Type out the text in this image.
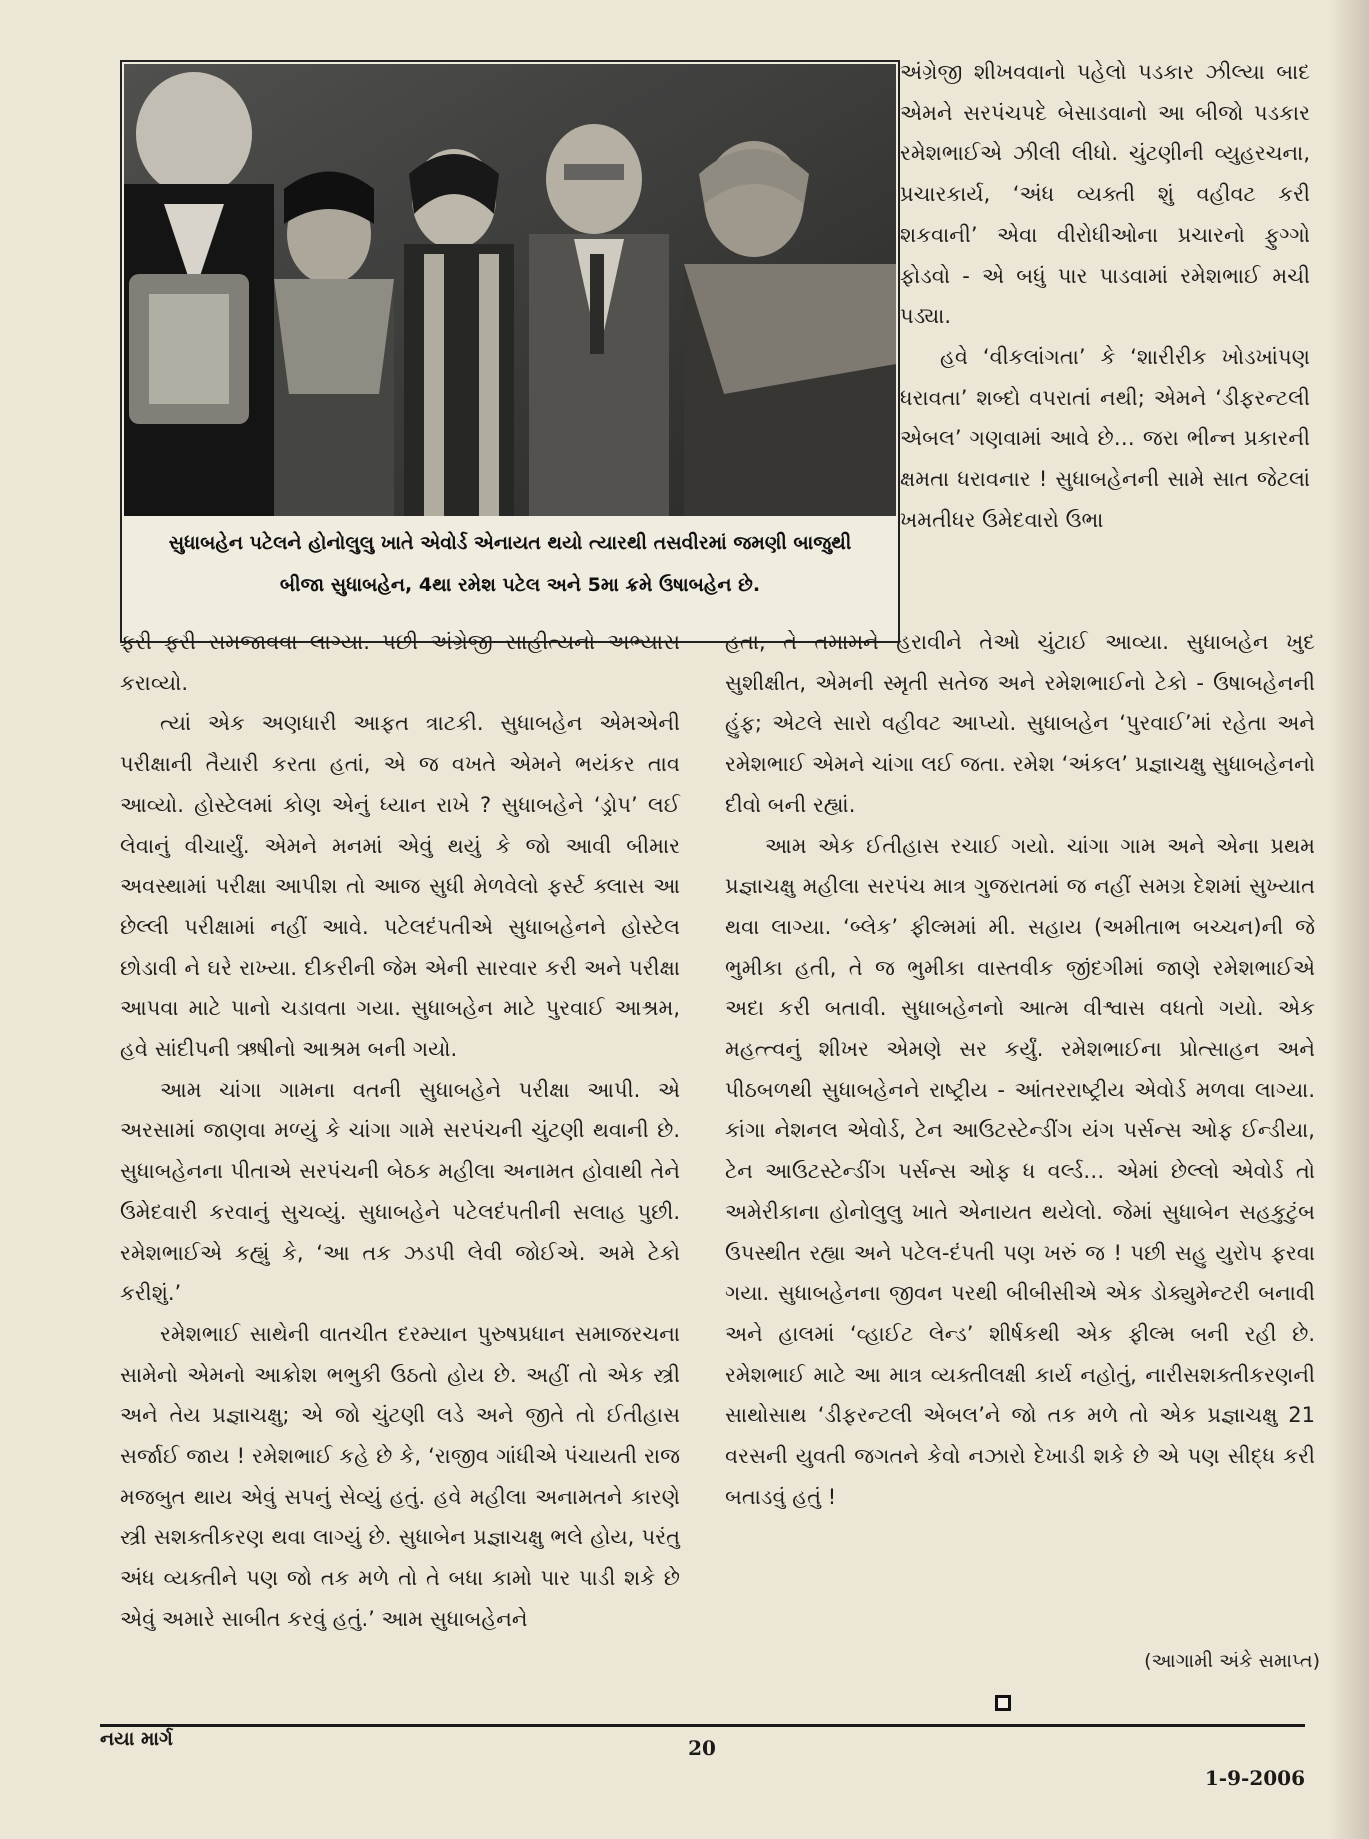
સુધાબહેન પટેલને હોનોલુલુ ખાતે એવોર્ડ એનાયત થયો ત્યારથી તસવીરમાં જમણી બાજુથી
બીજા સુધાબહેન, 4થા રમેશ પટેલ અને 5મા ક્રમે ઉષાબહેન છે.

અંગ્રેજી શીખવવાનો પહેલો પડકાર ઝીલ્યા બાદ એમને સરપંચપદે બેસાડવાનો આ બીજો પડકાર રમેશભાઈએ ઝીલી લીધો. ચુંટણીની વ્યુહરચના, પ્રચારકાર્ય, ‘અંધ વ્યક્તી શું વહીવટ કરી શકવાની’ એવા વીરોધીઓના પ્રચારનો ફુગ્ગો ફોડવો - એ બધું પાર પાડવામાં રમેશભાઈ મચી પડ્યા.

હવે ‘વીકલાંગતા’ કે ‘શારીરીક ખોડખાંપણ ધરાવતા’ શબ્દો વપરાતાં નથી; એમને ‘ડીફરન્ટલી એબલ’ ગણવામાં આવે છે… જરા ભીન્ન પ્રકારની ક્ષમતા ધરાવનાર ! સુધાબહેનની સામે સાત જેટલાં ખમતીધર ઉમેદવારો ઉભા

ફરી ફરી સમજાવવા લાગ્યા. પછી અંગ્રેજી સાહીત્યનો અભ્યાસ કરાવ્યો.

ત્યાં એક અણધારી આફત ત્રાટકી. સુધાબહેન એમએની પરીક્ષાની તૈયારી કરતા હતાં, એ જ વખતે એમને ભયંકર તાવ આવ્યો. હોસ્ટેલમાં કોણ એનું ધ્યાન રાખે ? સુધાબહેને ‘ડ્રોપ’ લઈ લેવાનું વીચાર્યું. એમને મનમાં એવું થયું કે જો આવી બીમાર અવસ્થામાં પરીક્ષા આપીશ તો આજ સુધી મેળવેલો ફર્સ્ટ ક્લાસ આ છેલ્લી પરીક્ષામાં નહીં આવે. પટેલદંપતીએ સુધાબહેનને હોસ્ટેલ છોડાવી ને ઘરે રાખ્યા. દીકરીની જેમ એની સારવાર કરી અને પરીક્ષા આપવા માટે પાનો ચડાવતા ગયા. સુધાબહેન માટે પુરવાઈ આશ્રમ, હવે સાંદીપની ઋષીનો આશ્રમ બની ગયો.

આમ ચાંગા ગામના વતની સુધાબહેને પરીક્ષા આપી. એ અરસામાં જાણવા મળ્યું કે ચાંગા ગામે સરપંચની ચુંટણી થવાની છે. સુધાબહેનના પીતાએ સરપંચની બેઠક મહીલા અનામત હોવાથી તેને ઉમેદવારી કરવાનું સુચવ્યું. સુધાબહેને પટેલદંપતીની સલાહ પુછી. રમેશભાઈએ કહ્યું કે, ‘આ તક ઝડપી લેવી જોઈએ. અમે ટેકો કરીશું.’

રમેશભાઈ સાથેની વાતચીત દરમ્યાન પુરુષપ્રધાન સમાજરચના સામેનો એમનો આક્રોશ ભભુકી ઉઠતો હોય છે. અહીં તો એક સ્ત્રી અને તેય પ્રજ્ઞાચક્ષુ; એ જો ચુંટણી લડે અને જીતે તો ઈતીહાસ સર્જાઈ જાય ! રમેશભાઈ કહે છે કે, ‘રાજીવ ગાંધીએ પંચાયતી રાજ મજબુત થાય એવું સપનું સેવ્યું હતું. હવે મહીલા અનામતને કારણે સ્ત્રી સશક્તીકરણ થવા લાગ્યું છે. સુધાબેન પ્રજ્ઞાચક્ષુ ભલે હોય, પરંતુ અંધ વ્યક્તીને પણ જો તક મળે તો તે બધા કામો પાર પાડી શકે છે એવું અમારે સાબીત કરવું હતું.’ આમ સુધાબહેનને

હતા, તે તમામને હરાવીને તેઓ ચુંટાઈ આવ્યા. સુધાબહેન ખુદ સુશીક્ષીત, એમની સ્મૃતી સતેજ અને રમેશભાઈનો ટેકો - ઉષાબહેનની હુંફ; એટલે સારો વહીવટ આપ્યો. સુધાબહેન ‘પુરવાઈ’માં રહેતા અને રમેશભાઈ એમને ચાંગા લઈ જતા. રમેશ ‘અંકલ’ પ્રજ્ઞાચક્ષુ સુધાબહેનનો દીવો બની રહ્યાં.

આમ એક ઈતીહાસ રચાઈ ગયો. ચાંગા ગામ અને એના પ્રથમ પ્રજ્ઞાચક્ષુ મહીલા સરપંચ માત્ર ગુજરાતમાં જ નહીં સમગ્ર દેશમાં સુખ્યાત થવા લાગ્યા. ‘બ્લેક’ ફીલ્મમાં મી. સહાય (અમીતાભ બચ્ચન)ની જે ભુમીકા હતી, તે જ ભુમીકા વાસ્તવીક જીંદગીમાં જાણે રમેશભાઈએ અદા કરી બતાવી. સુધાબહેનનો આત્મ વીશ્વાસ વધતો ગયો. એક મહત્ત્વનું શીખર એમણે સર કર્યું. રમેશભાઈના પ્રોત્સાહન અને પીઠબળથી સુધાબહેનને રાષ્ટ્રીય - આંતરરાષ્ટ્રીય એવોર્ડ મળવા લાગ્યા. કાંગા નેશનલ એવોર્ડ, ટેન આઉટસ્ટેન્ડીંગ યંગ પર્સન્સ ઓફ ઈન્ડીયા, ટેન આઉટસ્ટેન્ડીંગ પર્સન્સ ઓફ ધ વર્લ્ડ… એમાં છેલ્લો એવોર્ડ તો અમેરીકાના હોનોલુલુ ખાતે એનાયત થયેલો. જેમાં સુધાબેન સહકુટુંબ ઉપસ્થીત રહ્યા અને પટેલ-દંપતી પણ ખરું જ ! પછી સહુ યુરોપ ફરવા ગયા. સુધાબહેનના જીવન પરથી બીબીસીએ એક ડોક્યુમેન્ટરી બનાવી અને હાલમાં ‘વ્હાઈટ લેન્ડ’ શીર્ષકથી એક ફીલ્મ બની રહી છે. રમેશભાઈ માટે આ માત્ર વ્યક્તીલક્ષી કાર્ય નહોતું, નારીસશક્તીકરણની સાથોસાથ ‘ડીફરન્ટલી એબલ’ને જો તક મળે તો એક પ્રજ્ઞાચક્ષુ 21 વરસની યુવતી જગતને કેવો નઝારો દેખાડી શકે છે એ પણ સીદ્ધ કરી બતાડવું હતું !

(આગામી અંકે સમાપ્ત)
નયા માર્ગ	20
1-9-2006
